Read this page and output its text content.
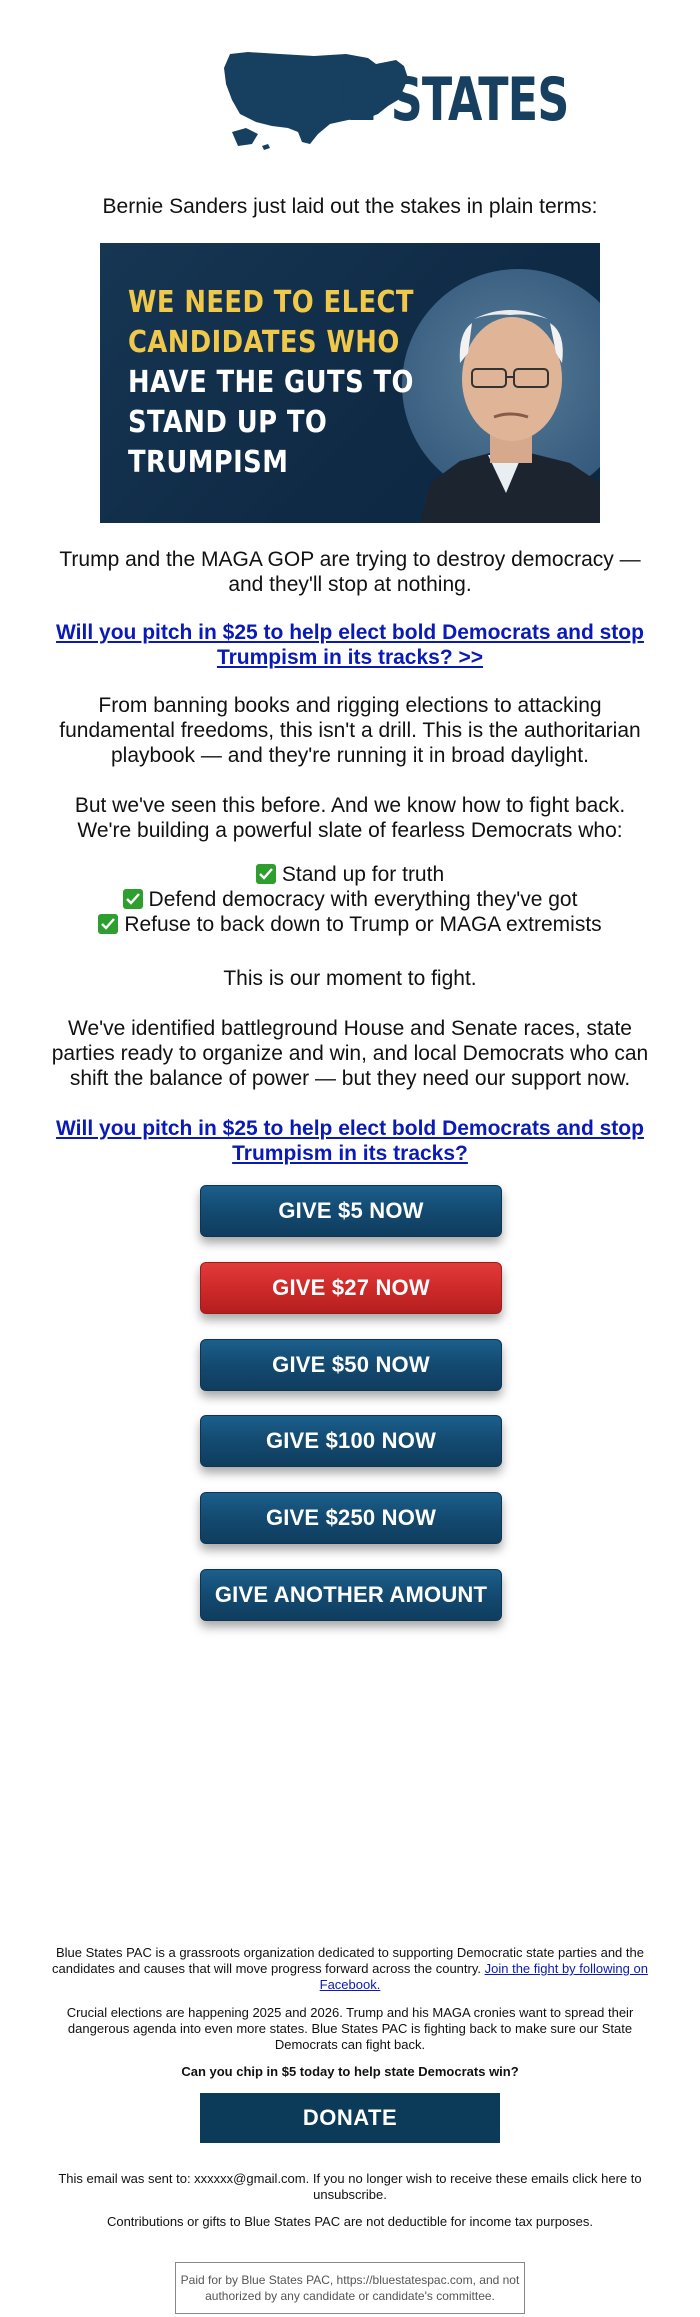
BLUE STATES
Bernie Sanders just laid out the stakes in plain terms:
WE NEED TO ELECT
CANDIDATES WHO
HAVE THE GUTS TO
STAND UP TO
TRUMPISM
Trump and the MAGA GOP are trying to destroy democracy — and they'll stop at nothing.
Will you pitch in $25 to help elect bold Democrats and stop Trumpism in its tracks? >>
From banning books and rigging elections to attacking fundamental freedoms, this isn't a drill. This is the authoritarian playbook — and they're running it in broad daylight.
But we've seen this before. And we know how to fight back. We're building a powerful slate of fearless Democrats who:
Stand up for truth
Defend democracy with everything they've got
Refuse to back down to Trump or MAGA extremists
This is our moment to fight.
We've identified battleground House and Senate races, state parties ready to organize and win, and local Democrats who can shift the balance of power — but they need our support now.
Will you pitch in $25 to help elect bold Democrats and stop Trumpism in its tracks?
GIVE $5 NOW
GIVE $27 NOW
GIVE $50 NOW
GIVE $100 NOW
GIVE $250 NOW
GIVE ANOTHER AMOUNT
Blue States PAC is a grassroots organization dedicated to supporting Democratic state parties and the candidates and causes that will move progress forward across the country. Join the fight by following on Facebook.
Crucial elections are happening 2025 and 2026. Trump and his MAGA cronies want to spread their dangerous agenda into even more states. Blue States PAC is fighting back to make sure our State Democrats can fight back.
Can you chip in $5 today to help state Democrats win?
DONATE
This email was sent to: xxxxxx@gmail.com. If you no longer wish to receive these emails click here to unsubscribe.
Contributions or gifts to Blue States PAC are not deductible for income tax purposes.
Paid for by Blue States PAC, https://bluestatespac.com, and not authorized by any candidate or candidate's committee.
